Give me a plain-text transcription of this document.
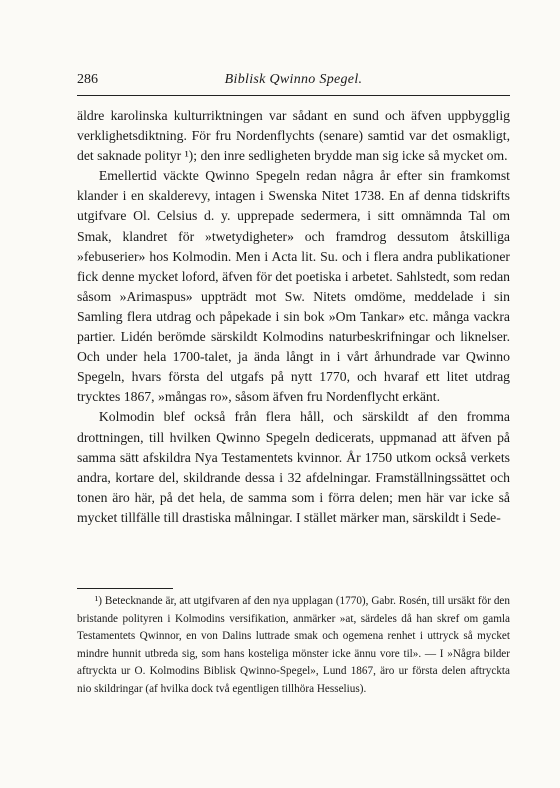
286	Biblisk Qwinno Spegel.

äldre karolinska kulturriktningen var sådant en sund och äfven uppbygglig verklighetsdiktning. För fru Nordenflychts (senare) samtid var det osmakligt, det saknade polityr ¹); den inre sedligheten brydde man sig icke så mycket om.

Emellertid väckte Qwinno Spegeln redan några år efter sin framkomst klander i en skalderevy, intagen i Swenska Nitet 1738. En af denna tidskrifts utgifvare Ol. Celsius d. y. upprepade sedermera, i sitt omnämnda Tal om Smak, klandret för »twetydigheter» och framdrog dessutom åtskilliga »febuserier» hos Kolmodin. Men i Acta lit. Su. och i flera andra publikationer fick denne mycket loford, äfven för det poetiska i arbetet. Sahlstedt, som redan såsom »Arimaspus» uppträdt mot Sw. Nitets omdöme, meddelade i sin Samling flera utdrag och påpekade i sin bok »Om Tankar» etc. många vackra partier. Lidén berömde särskildt Kolmodins naturbeskrifningar och liknelser. Och under hela 1700-talet, ja ända långt in i vårt århundrade var Qwinno Spegeln, hvars första del utgafs på nytt 1770, och hvaraf ett litet utdrag trycktes 1867, »mångas ro», såsom äfven fru Nordenflycht erkänt.

Kolmodin blef också från flera håll, och särskildt af den fromma drottningen, till hvilken Qwinno Spegeln dedicerats, uppmanad att äfven på samma sätt afskildra Nya Testamentets kvinnor. År 1750 utkom också verkets andra, kortare del, skildrande dessa i 32 afdelningar. Framställningssättet och tonen äro här, på det hela, de samma som i förra delen; men här var icke så mycket tillfälle till drastiska målningar. I stället märker man, särskildt i Sede-

¹) Betecknande är, att utgifvaren af den nya upplagan (1770), Gabr. Rosén, till ursäkt för den bristande polityren i Kolmodins versifikation, anmärker »at, särdeles då han skref om gamla Testamentets Qwinnor, en von Dalins luttrade smak och ogemena renhet i uttryck så mycket mindre hunnit utbreda sig, som hans kosteliga mönster icke ännu vore til». — I »Några bilder aftryckta ur O. Kolmodins Biblisk Qwinno-Spegel», Lund 1867, äro ur första delen aftryckta nio skildringar (af hvilka dock två egentligen tillhöra Hesselius).
